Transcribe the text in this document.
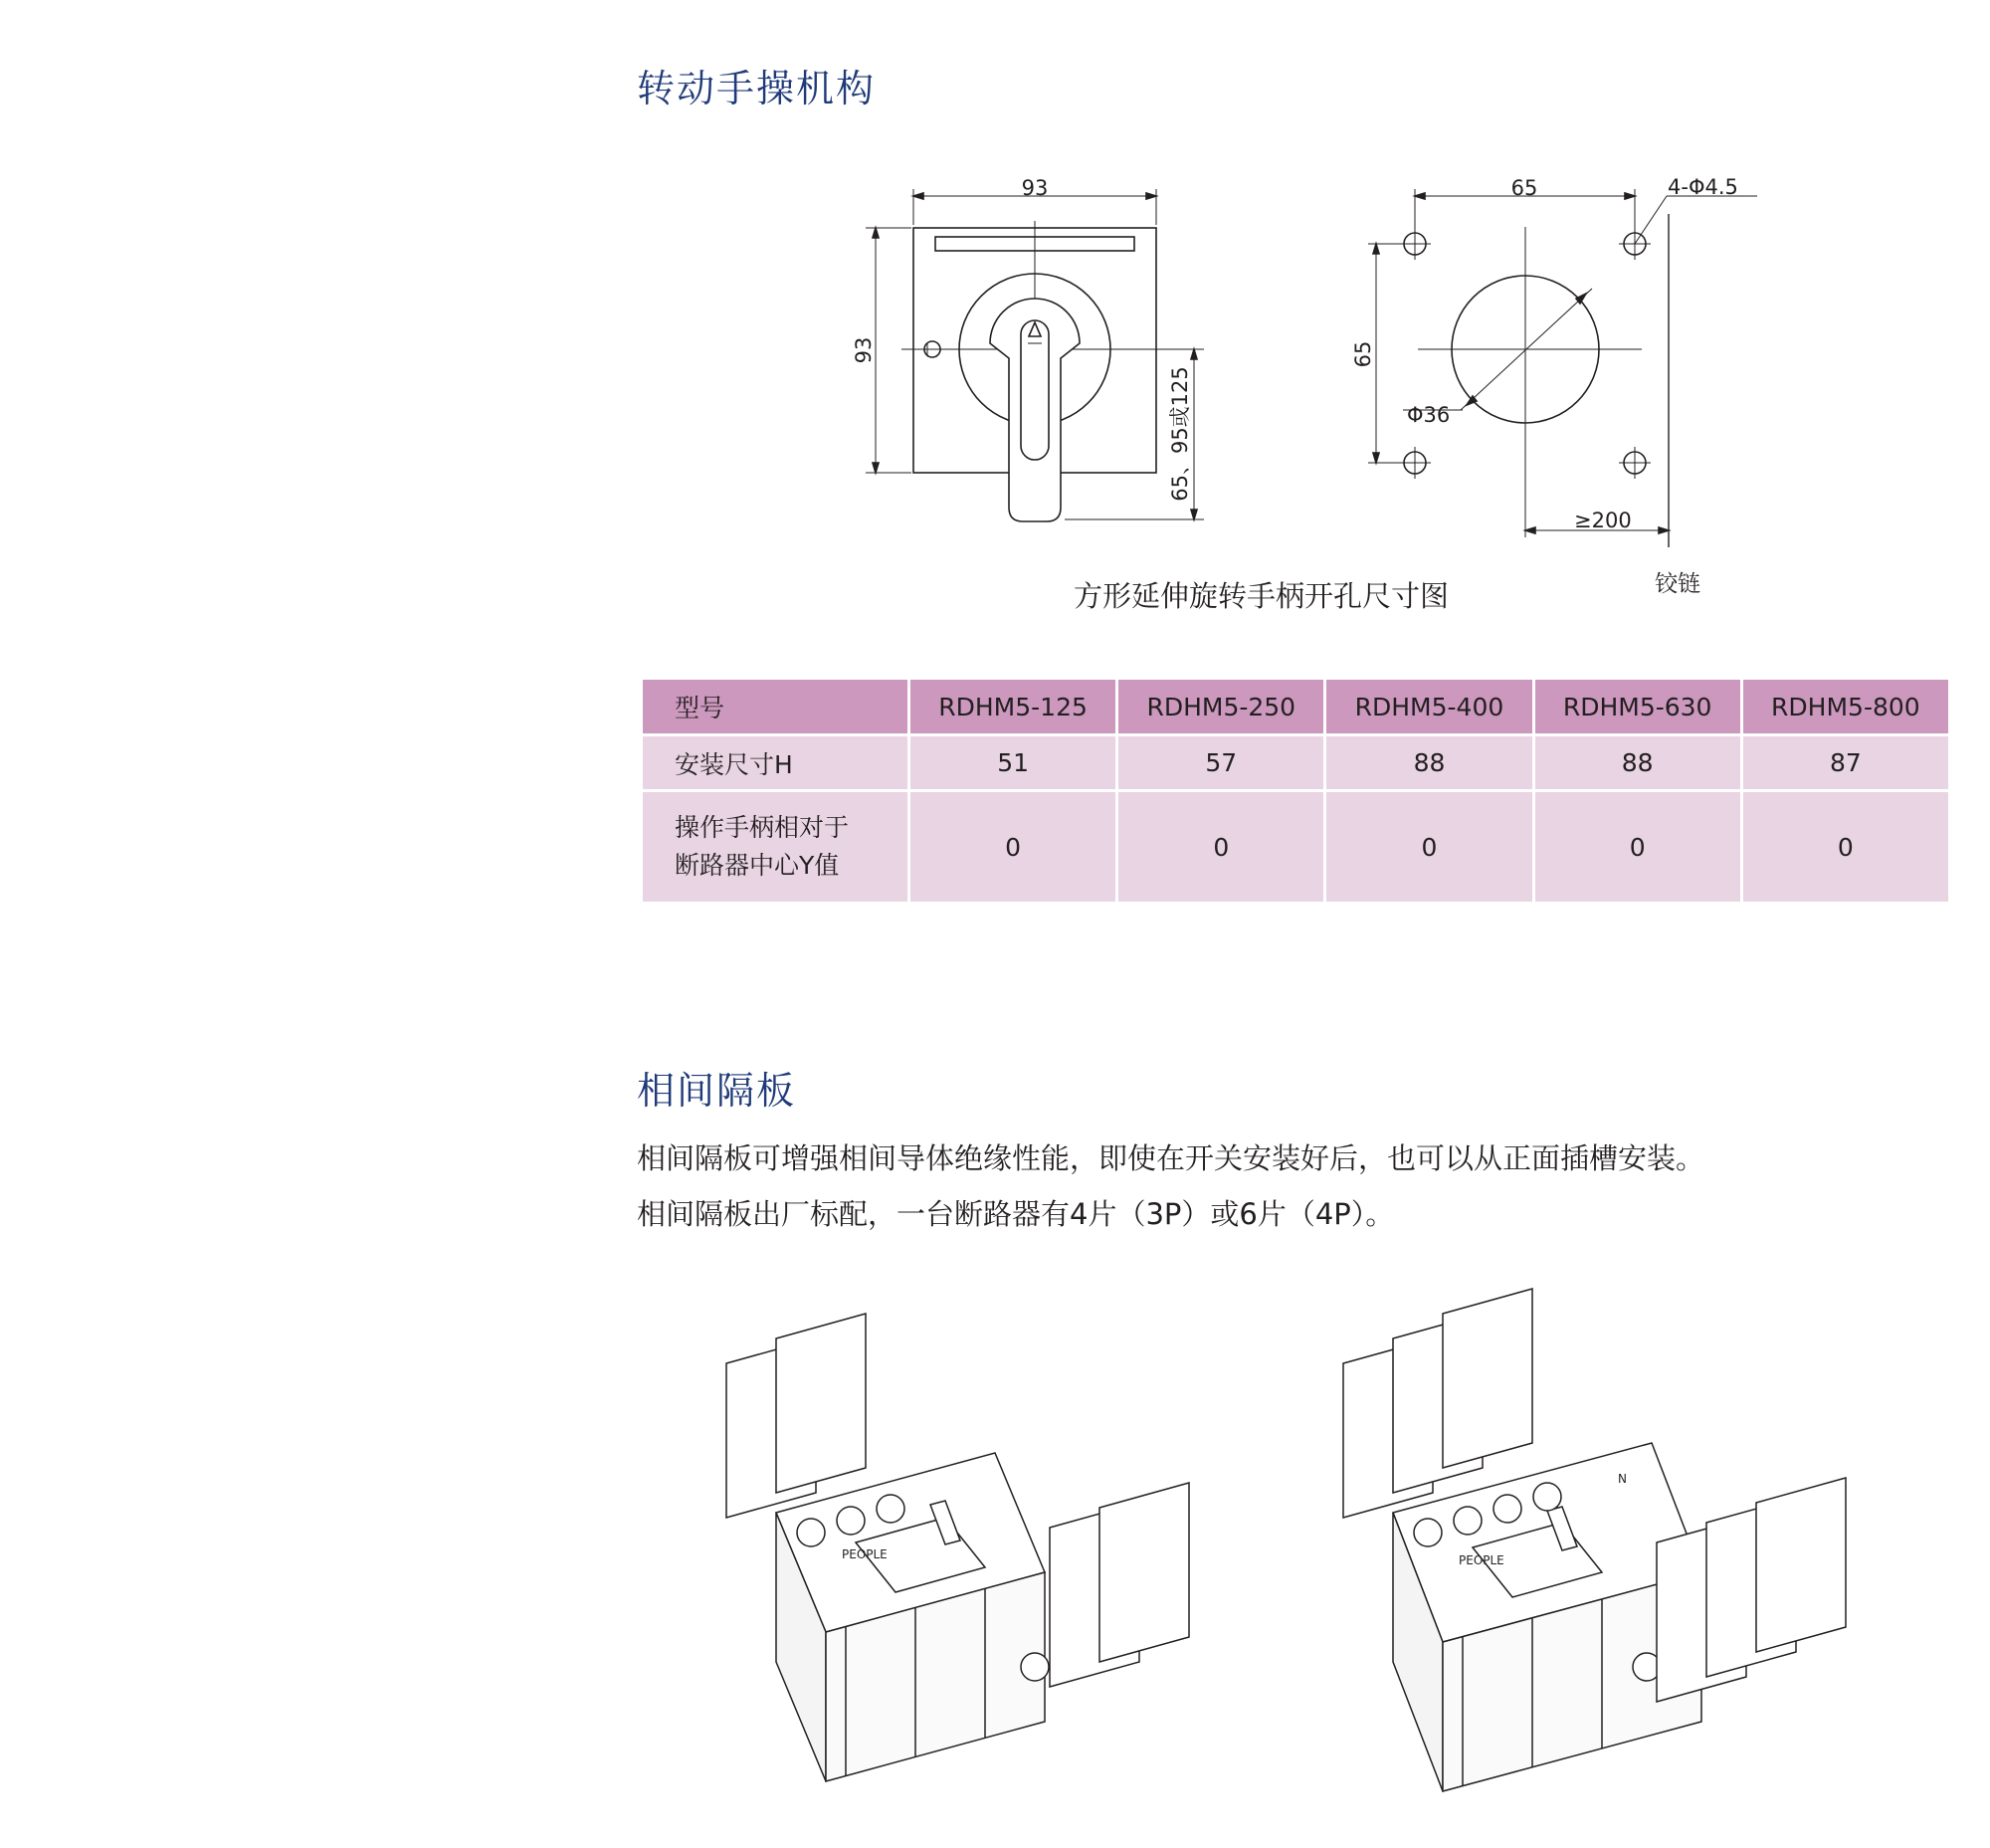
转动手操机构
93
93
65、95或125
65
65
4-Φ4.5
Φ36
≥200
铰链
方形延伸旋转手柄开孔尺寸图
型号	RDHM5-125	RDHM5-250	RDHM5-400	RDHM5-630	RDHM5-800
安装尺寸H	51	57	88	88	87

操作手柄相对于
断路器中心Y值	0	0	0	0	0
相间隔板
相间隔板可增强相间导体绝缘性能，即使在开关安装好后，也可以从正面插槽安装。
相间隔板出厂标配，一台断路器有4片（3P）或6片（4P）。
PEOPLE	PEOPLE
N
